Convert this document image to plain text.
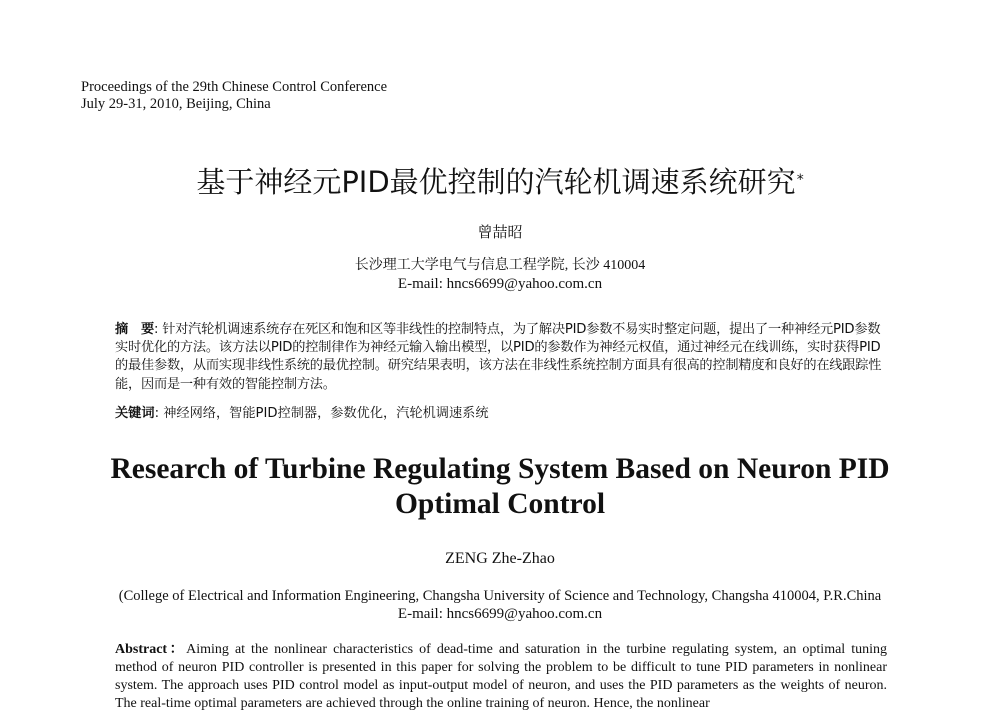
Proceedings of the 29th Chinese Control Conference
July 29-31, 2010, Beijing, China
基于神经元PID最优控制的汽轮机调速系统研究*
曾喆昭
长沙理工大学电气与信息工程学院, 长沙 410004
E-mail: hncs6699@yahoo.com.cn
摘　要: 针对汽轮机调速系统存在死区和饱和区等非线性的控制特点，为了解决PID参数不易实时整定问题，提出了一种神经元PID参数实时优化的方法。该方法以PID的控制律作为神经元输入输出模型，以PID的参数作为神经元权值，通过神经元在线训练，实时获得PID的最佳参数，从而实现非线性系统的最优控制。研究结果表明，该方法在非线性系统控制方面具有很高的控制精度和良好的在线跟踪性能，因而是一种有效的智能控制方法。
关键词: 神经网络，智能PID控制器，参数优化，汽轮机调速系统
Research of Turbine Regulating System Based on Neuron PID Optimal Control
ZENG Zhe-Zhao
(College of Electrical and Information Engineering, Changsha University of Science and Technology, Changsha 410004, P.R.China
E-mail: hncs6699@yahoo.com.cn
Abstract：Aiming at the nonlinear characteristics of dead-time and saturation in the turbine regulating system, an optimal tuning method of neuron PID controller is presented in this paper for solving the problem to be difficult to tune PID parameters in nonlinear system. The approach uses PID control model as input-output model of neuron, and uses the PID parameters as the weights of neuron. The real-time optimal parameters are achieved through the online training of neuron. Hence, the nonlinear
